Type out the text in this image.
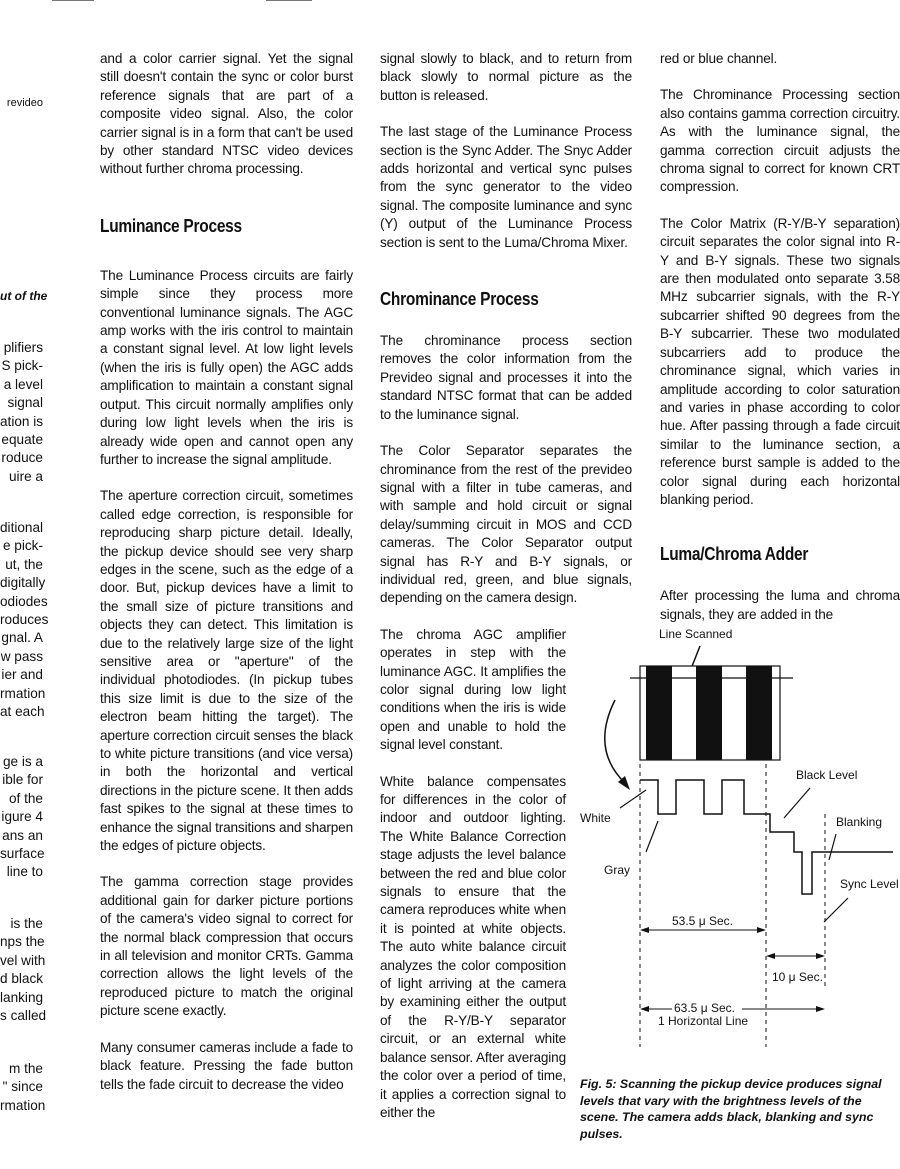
revideo
ut of the
plifiers
S pick-
a level
signal
ation is
equate
roduce
uire a
ditional
e pick-
ut, the
digitally
odiodes
roduces
gnal. A
w pass
ier and
rmation
at each
ge is a
ible for
of the
igure 4
ans an
surface
line to
is the
nps the
vel with
d black
lanking
s called
m the
" since
rmation

and a color carrier signal. Yet the signal still doesn't contain the sync or color burst reference signals that are part of a composite video signal. Also, the color carrier signal is in a form that can't be used by other standard NTSC video devices without further chroma processing.

Luminance Process

The Luminance Process circuits are fairly simple since they process more conventional luminance signals. The AGC amp works with the iris control to maintain a constant signal level. At low light levels (when the iris is fully open) the AGC adds amplification to maintain a constant signal output. This circuit normally amplifies only during low light levels when the iris is already wide open and cannot open any further to increase the signal amplitude.

The aperture correction circuit, sometimes called edge correction, is responsible for reproducing sharp picture detail. Ideally, the pickup device should see very sharp edges in the scene, such as the edge of a door. But, pickup devices have a limit to the small size of picture transitions and objects they can detect. This limitation is due to the relatively large size of the light sensitive area or "aperture" of the individual photodiodes. (In pickup tubes this size limit is due to the size of the electron beam hitting the target). The aperture correction circuit senses the black to white picture transitions (and vice versa) in both the horizontal and vertical directions in the picture scene. It then adds fast spikes to the signal at these times to enhance the signal transitions and sharpen the edges of picture objects.

The gamma correction stage provides additional gain for darker picture portions of the camera's video signal to correct for the normal black compression that occurs in all television and monitor CRTs. Gamma correction allows the light levels of the reproduced picture to match the original picture scene exactly.

Many consumer cameras include a fade to black feature. Pressing the fade button tells the fade circuit to decrease the video

signal slowly to black, and to return from black slowly to normal picture as the button is released.

The last stage of the Luminance Process section is the Sync Adder. The Snyc Adder adds horizontal and vertical sync pulses from the sync generator to the video signal. The composite luminance and sync (Y) output of the Luminance Process section is sent to the Luma/Chroma Mixer.

Chrominance Process

The chrominance process section removes the color information from the Prevideo signal and processes it into the standard NTSC format that can be added to the luminance signal.

The Color Separator separates the chrominance from the rest of the prevideo signal with a filter in tube cameras, and with sample and hold circuit or signal delay/summing circuit in MOS and CCD cameras. The Color Separator output signal has R-Y and B-Y signals, or individual red, green, and blue signals, depending on the camera design.

The chroma AGC amplifier operates in step with the luminance AGC. It amplifies the color signal during low light conditions when the iris is wide open and unable to hold the signal level constant.

White balance compensates for differences in the color of indoor and outdoor lighting. The White Balance Correction stage adjusts the level balance between the red and blue color signals to ensure that the camera reproduces white when it is pointed at white objects. The auto white balance circuit analyzes the color composition of light arriving at the camera by examining either the output of the R-Y/B-Y separator circuit, or an external white balance sensor. After averaging the color over a period of time, it applies a correction signal to either the

red or blue channel.

The Chrominance Processing section also contains gamma correction circuitry. As with the luminance signal, the gamma correction circuit adjusts the chroma signal to correct for known CRT compression.

The Color Matrix (R-Y/B-Y separation) circuit separates the color signal into R-Y and B-Y signals. These two signals are then modulated onto separate 3.58 MHz subcarrier signals, with the R-Y subcarrier shifted 90 degrees from the B-Y subcarrier. These two modulated subcarriers add to produce the chrominance signal, which varies in amplitude according to color saturation and varies in phase according to color hue. After passing through a fade circuit similar to the luminance section, a reference burst sample is added to the color signal during each horizontal blanking period.

Luma/Chroma Adder

After processing the luma and chroma signals, they are added in the

Line Scanned
Black Level
Blanking
White
Gray
Sync Level
53.5 μ Sec.
10 μ Sec.
63.5 μ Sec.
1 Horizontal Line
Fig. 5: Scanning the pickup device produces signal levels that vary with the brightness levels of the scene. The camera adds black, blanking and sync pulses.
